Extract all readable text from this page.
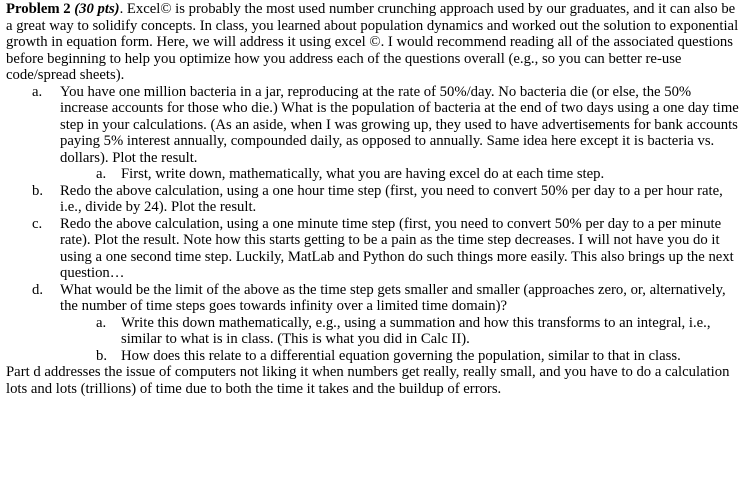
Problem 2 (30 pts). Excel© is probably the most used number crunching approach used by our graduates, and it can also be a great way to solidify concepts. In class, you learned about population dynamics and worked out the solution to exponential growth in equation form. Here, we will address it using excel ©. I would recommend reading all of the associated questions before beginning to help you optimize how you address each of the questions overall (e.g., so you can better re-use code/spread sheets).

a. You have one million bacteria in a jar, reproducing at the rate of 50%/day. No bacteria die (or else, the 50% increase accounts for those who die.) What is the population of bacteria at the end of two days using a one day time step in your calculations. (As an aside, when I was growing up, they used to have advertisements for bank accounts paying 5% interest annually, compounded daily, as opposed to annually. Same idea here except it is bacteria vs. dollars). Plot the result.
a. First, write down, mathematically, what you are having excel do at each time step.
b. Redo the above calculation, using a one hour time step (first, you need to convert 50% per day to a per hour rate, i.e., divide by 24). Plot the result.
c. Redo the above calculation, using a one minute time step (first, you need to convert 50% per day to a per minute rate). Plot the result. Note how this starts getting to be a pain as the time step decreases. I will not have you do it using a one second time step. Luckily, MatLab and Python do such things more easily. This also brings up the next question…
d. What would be the limit of the above as the time step gets smaller and smaller (approaches zero, or, alternatively, the number of time steps goes towards infinity over a limited time domain)?
a. Write this down mathematically, e.g., using a summation and how this transforms to an integral, i.e., similar to what is in class. (This is what you did in Calc II).
b. How does this relate to a differential equation governing the population, similar to that in class.

Part d addresses the issue of computers not liking it when numbers get really, really small, and you have to do a calculation lots and lots (trillions) of time due to both the time it takes and the buildup of errors.
